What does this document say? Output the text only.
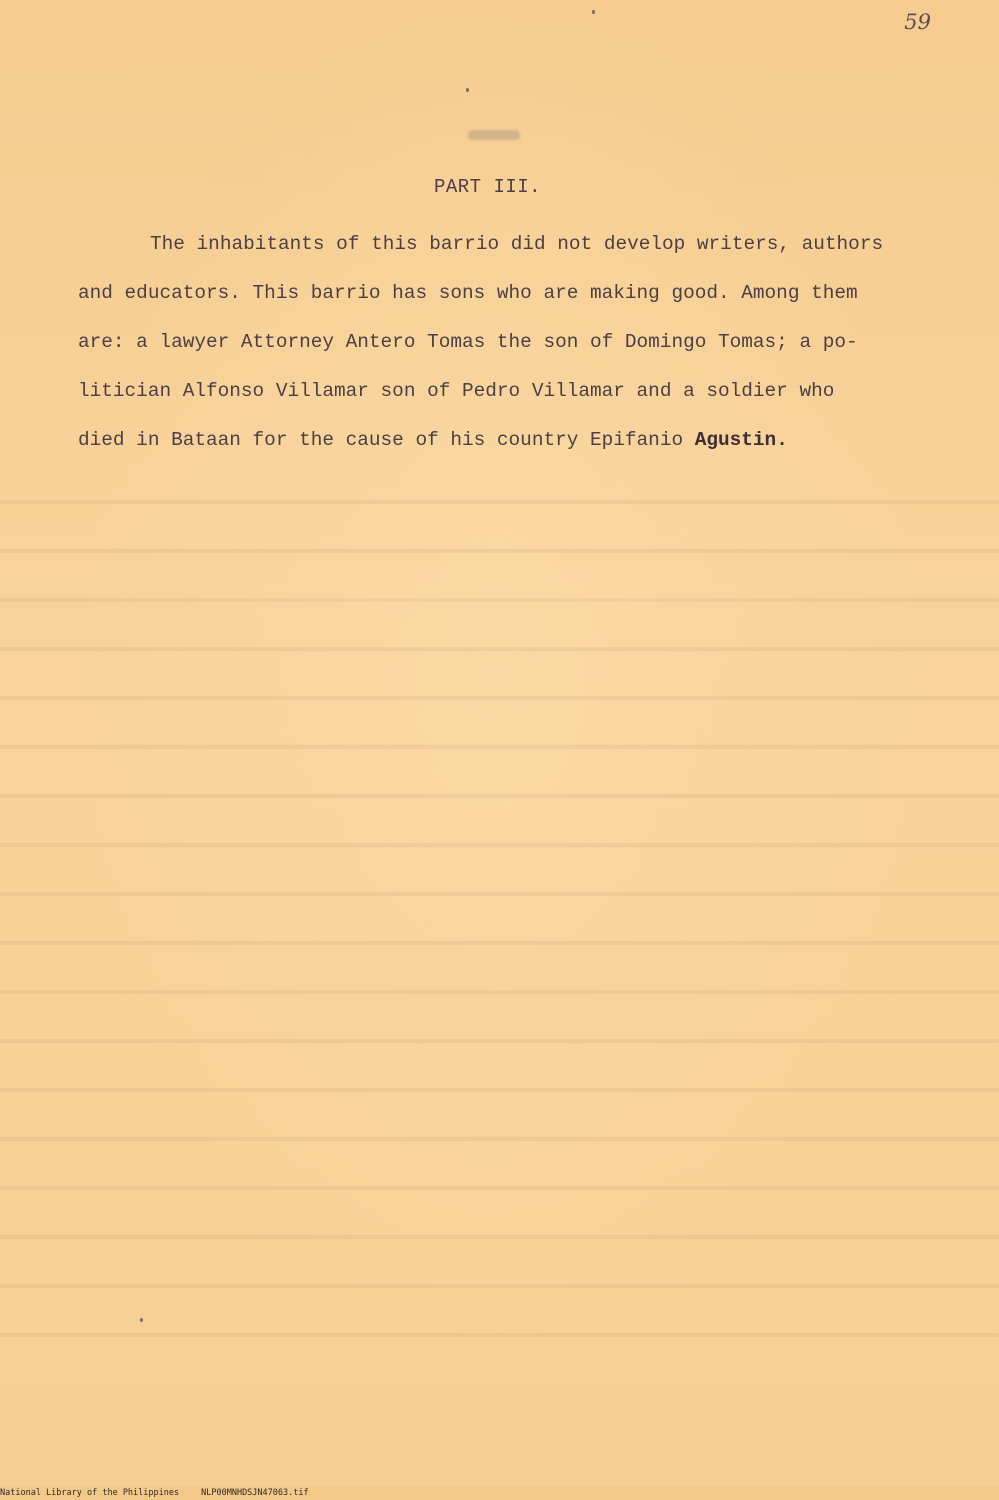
59
PART III.

The inhabitants of this barrio did not develop writers, authors
and educators. This barrio has sons who are making good. Among them
are: a lawyer Attorney Antero Tomas the son of Domingo Tomas; a po-
litician Alfonso Villamar son of Pedro Villamar and a soldier who
died in Bataan for the cause of his country Epifanio Agustin.

National Library of the Philippines	NLP00MNHDSJN47063.tif
